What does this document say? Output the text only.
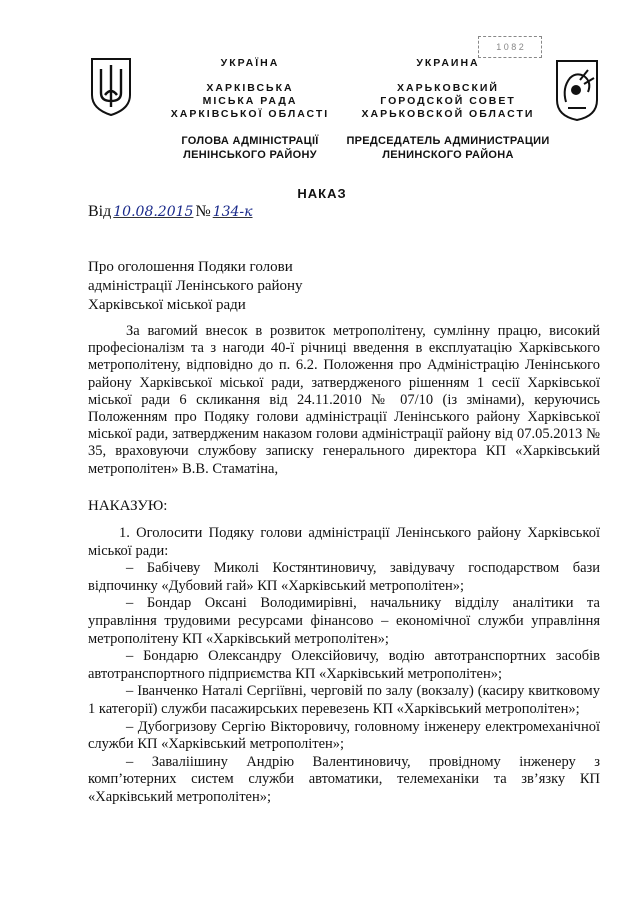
1 0 8 2
УКРАЇНА
ХАРКІВСЬКА
МІСЬКА РАДА
ХАРКІВСЬКОЇ ОБЛАСТІ
ГОЛОВА АДМІНІСТРАЦІЇ
ЛЕНІНСЬКОГО РАЙОНУ
УКРАИНА
ХАРЬКОВСКИЙ
ГОРОДСКОЙ СОВЕТ
ХАРЬКОВСКОЙ ОБЛАСТИ
ПРЕДСЕДАТЕЛЬ АДМИНИСТРАЦИИ
ЛЕНИНСКОГО РАЙОНА
НАКАЗ
Від 10.08.2015 № 134-к
Про оголошення Подяки голови
адміністрації Ленінського району
Харківської міської ради

За вагомий внесок в розвиток метрополітену, сумлінну працю, високий професіоналізм та з нагоди 40-ї річниці введення в експлуатацію Харківського метрополітену, відповідно до п. 6.2. Положення про Адміністрацію Ленінського району Харківської міської ради, затвердженого рішенням 1 сесії Харківської міської ради 6 скликання від 24.11.2010 № 07/10 (із змінами), керуючись Положенням про Подяку голови адміністрації Ленінського району Харківської міської ради, затвердженим наказом голови адміністрації району від 07.05.2013 № 35, враховуючи службову записку генерального директора КП «Харківський метрополітен» В.В. Стаматіна,

НАКАЗУЮ:

1. Оголосити Подяку голови адміністрації Ленінського району Харківської міської ради:

– Бабічеву Миколі Костянтиновичу, завідувачу господарством бази відпочинку «Дубовий гай» КП «Харківський метрополітен»;

– Бондар Оксані Володимирівні, начальнику відділу аналітики та управління трудовими ресурсами фінансово – економічної служби управління метрополітену КП «Харківський метрополітен»;

– Бондарю Олександру Олексійовичу, водію автотранспортних засобів автотранспортного підприємства КП «Харківський метрополітен»;

– Іванченко Наталі Сергіївні, черговій по залу (вокзалу) (касиру квитковому 1 категорії) служби пасажирських перевезень КП «Харківський метрополітен»;

– Дубогризову Сергію Вікторовичу, головному інженеру електромеханічної служби КП «Харківський метрополітен»;

– Заваліішину Андрію Валентиновичу, провідному інженеру з комп’ютерних систем служби автоматики, телемеханіки та зв’язку КП «Харківський метрополітен»;
